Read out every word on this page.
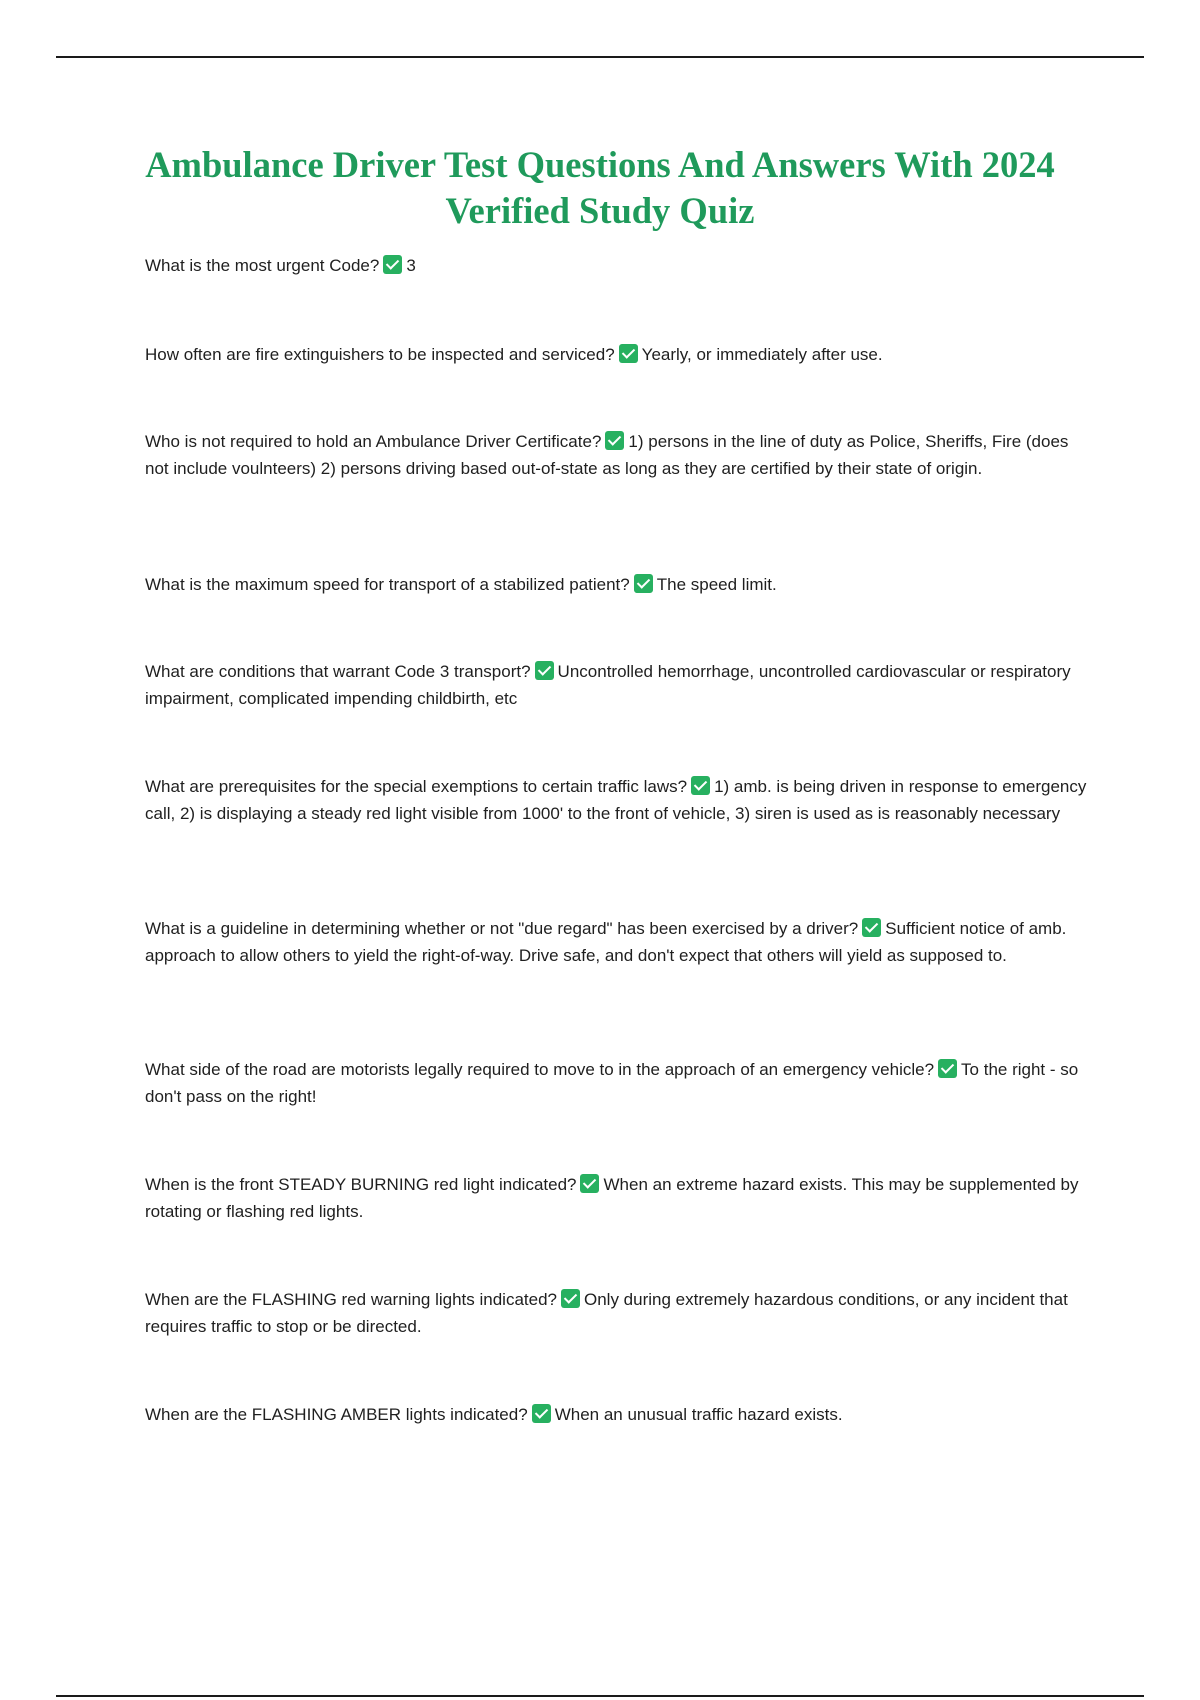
Ambulance Driver Test Questions And Answers With 2024
Verified Study Quiz

What is the most urgent Code? 3

How often are fire extinguishers to be inspected and serviced? Yearly, or immediately after use.

Who is not required to hold an Ambulance Driver Certificate? 1) persons in the line of duty as Police, Sheriffs, Fire (does not include voulnteers) 2) persons driving based out-of-state as long as they are certified by their state of origin.

What is the maximum speed for transport of a stabilized patient? The speed limit.

What are conditions that warrant Code 3 transport? Uncontrolled hemorrhage, uncontrolled cardiovascular or respiratory impairment, complicated impending childbirth, etc

What are prerequisites for the special exemptions to certain traffic laws? 1) amb. is being driven in response to emergency call, 2) is displaying a steady red light visible from 1000' to the front of vehicle, 3) siren is used as is reasonably necessary

What is a guideline in determining whether or not "due regard" has been exercised by a driver? Sufficient notice of amb. approach to allow others to yield the right-of-way. Drive safe, and don't expect that others will yield as supposed to.

What side of the road are motorists legally required to move to in the approach of an emergency vehicle? To the right - so don't pass on the right!

When is the front STEADY BURNING red light indicated? When an extreme hazard exists. This may be supplemented by rotating or flashing red lights.

When are the FLASHING red warning lights indicated? Only during extremely hazardous conditions, or any incident that requires traffic to stop or be directed.

When are the FLASHING AMBER lights indicated? When an unusual traffic hazard exists.
